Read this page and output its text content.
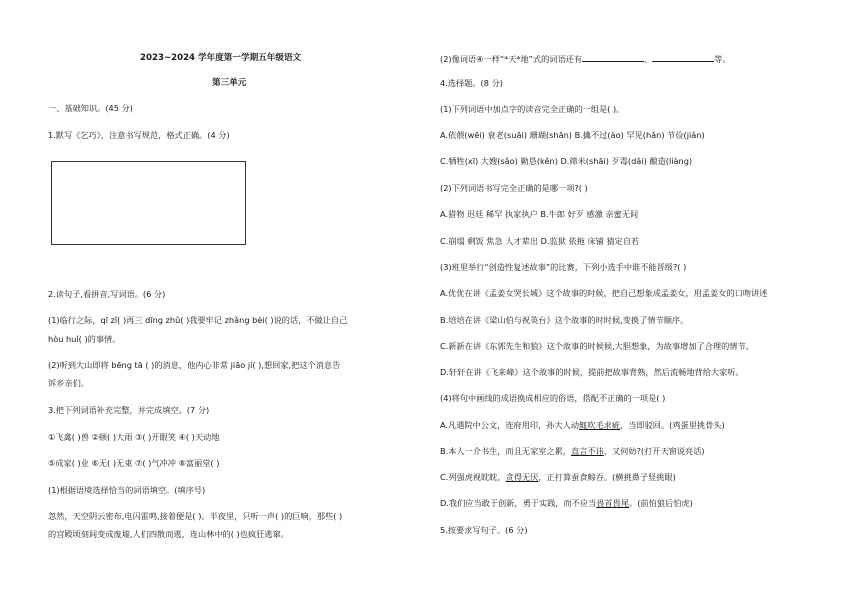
2023~2024 学年度第一学期五年级语文
第三单元
一、基础知识。(45 分)
1.默写《乞巧》，注意书写规范，格式正确。(4 分)
2.读句子,看拼音,写词语。(6 分)
(1)临行之际，qī zǐ( )再三 dīng zhǔ( )我要牢记 zhǎng bèi( )说的话，不做让自己
hòu huǐ( )的事情。
(2)听到大山即将 bēng tā ( )的消息，他内心非常 jiāo jí( ),想回家,把这个消息告
诉乡亲们。
3.把下列词语补充完整，并完成填空。(7 分)
①飞禽( )兽 ②顿( )大雨 ③( )开眼笑 ④( )天动地
⑤成家( )业 ⑥无( )无束 ⑦( )气冲冲 ⑧富丽堂( )
(1)根据语境选择恰当的词语填空。(填序号)
忽然，天空阴云密布,电闪雷鸣,接着便是( )。半夜里，只听一声( )的巨响，那些( )
的宫殿顷刻间变成废墟,人们四散而逃，连山林中的( )也疯狂逃窜。
(2)像词语④一样“*天*地”式的词语还有	、	等。
4.选择题。(8 分)
(1)下列词语中加点字的读音完全正确的一组是( )。
A.依偎(wēi) 衰老(suāi) 珊瑚(shān) B.擒不过(ào) 罕见(hǎn) 节俭(jiǎn)
C.牺牲(xī) 大嫂(sǎo) 勤恳(kěn) D.筛米(shāi) 歹毒(dǎi) 酿造(liàng)
(2)下列词语书写完全正确的是哪一项?( )
A.猎物 迟廷 稀罕 执家执户 B.牛郎 好歹 感激 亲蜜无间
C.崩塌 剩饭 焦急 人才辈出 D.监狱 依拖 床铺 猜定自若
(3)班里举行“创造性复述故事”的比赛，下列小选手中谁不能晋级?( )
A.优优在讲《孟姜女哭长城》这个故事的时候，把自己想象成孟姜女，用孟姜女的口吻讲述
B.培培在讲《梁山伯与祝英台》这个故事的时时候,变换了情节顺序。
C.新新在讲《东郭先生和狼》这个故事的时候候,大胆想象，为故事增加了合理的情节。
D.轩轩在讲《飞来峰》这个故事的时候，提前把故事背熟，然后流畅地背给大家听。
(4)将句中画线的成语换成相应的俗语，搭配不正确的一项是( )
A.凡遇院中公文，连府用印，孙大人动辄吹毛求疵，当即驳回。(鸡蛋里挑骨头)
B.本人一介书生，而且无家室之累，直言不讳，又何妨?(打开天窗说亮话)
C.列强虎视眈眈，贪得无厌，正打算蚕食鲸吞。(横挑鼻子竖挑眼)
D.我们应当敢于创新，勇于实践，而不应当畏首畏尾。(前怕狼后怕虎)
5.按要求写句子。(6 分)
